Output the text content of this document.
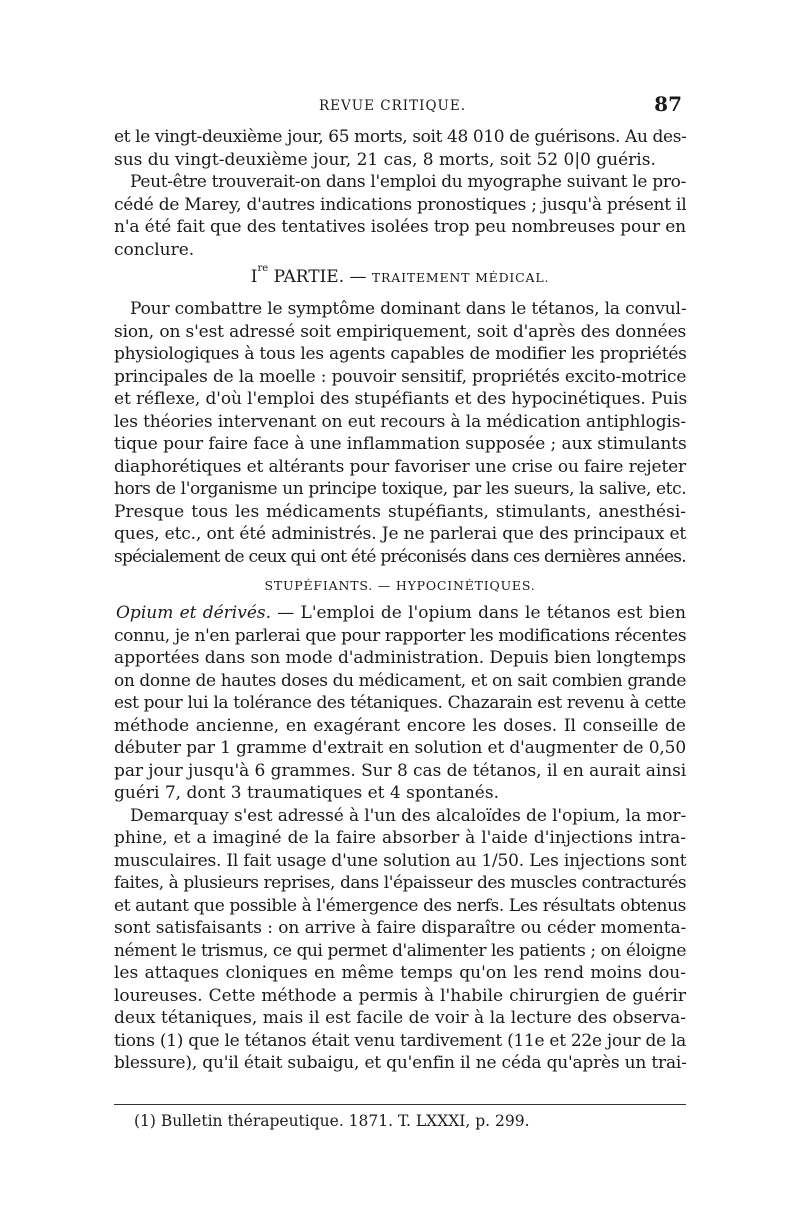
REVUE CRITIQUE.	87
et le vingt-deuxième jour, 65 morts, soit 48 010 de guérisons. Au des-
sus du vingt-deuxième jour, 21 cas, 8 morts, soit 52 0|0 guéris.
Peut-être trouverait-on dans l'emploi du myographe suivant le pro-
cédé de Marey, d'autres indications pronostiques ; jusqu'à présent il
n'a été fait que des tentatives isolées trop peu nombreuses pour en
conclure.
Ire PARTIE. — TRAITEMENT MÉDICAL.
Pour combattre le symptôme dominant dans le tétanos, la convul-
sion, on s'est adressé soit empiriquement, soit d'après des données
physiologiques à tous les agents capables de modifier les propriétés
principales de la moelle : pouvoir sensitif, propriétés excito-motrice
et réflexe, d'où l'emploi des stupéfiants et des hypocinétiques. Puis
les théories intervenant on eut recours à la médication antiphlogis-
tique pour faire face à une inflammation supposée ; aux stimulants
diaphorétiques et altérants pour favoriser une crise ou faire rejeter
hors de l'organisme un principe toxique, par les sueurs, la salive, etc.
Presque tous les médicaments stupéfiants, stimulants, anesthési-
ques, etc., ont été administrés. Je ne parlerai que des principaux et
spécialement de ceux qui ont été préconisés dans ces dernières années.
STUPÉFIANTS. — HYPOCINÉTIQUES.
Opium et dérivés. — L'emploi de l'opium dans le tétanos est bien
connu, je n'en parlerai que pour rapporter les modifications récentes
apportées dans son mode d'administration. Depuis bien longtemps
on donne de hautes doses du médicament, et on sait combien grande
est pour lui la tolérance des tétaniques. Chazarain est revenu à cette
méthode ancienne, en exagérant encore les doses. Il conseille de
débuter par 1 gramme d'extrait en solution et d'augmenter de 0,50
par jour jusqu'à 6 grammes. Sur 8 cas de tétanos, il en aurait ainsi
guéri 7, dont 3 traumatiques et 4 spontanés.
Demarquay s'est adressé à l'un des alcaloïdes de l'opium, la mor-
phine, et a imaginé de la faire absorber à l'aide d'injections intra-
musculaires. Il fait usage d'une solution au 1/50. Les injections sont
faites, à plusieurs reprises, dans l'épaisseur des muscles contracturés
et autant que possible à l'émergence des nerfs. Les résultats obtenus
sont satisfaisants : on arrive à faire disparaître ou céder momenta-
nément le trismus, ce qui permet d'alimenter les patients ; on éloigne
les attaques cloniques en même temps qu'on les rend moins dou-
loureuses. Cette méthode a permis à l'habile chirurgien de guérir
deux tétaniques, mais il est facile de voir à la lecture des observa-
tions (1) que le tétanos était venu tardivement (11e et 22e jour de la
blessure), qu'il était subaigu, et qu'enfin il ne céda qu'après un trai-
(1) Bulletin thérapeutique. 1871. T. LXXXI, p. 299.
